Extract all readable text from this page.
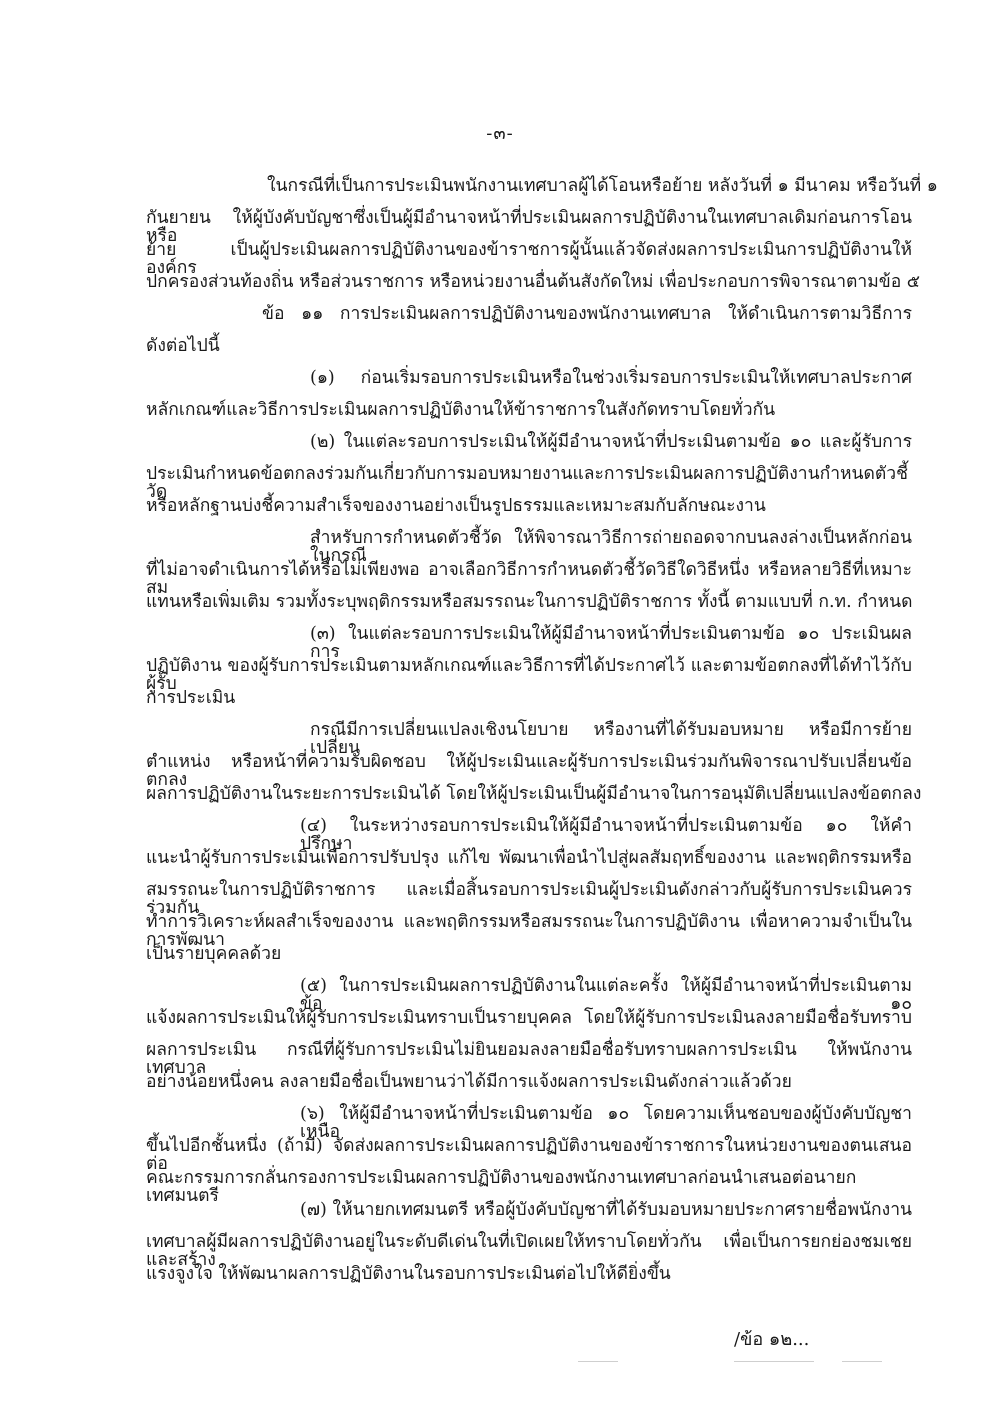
-๓-
ในกรณีที่เป็นการประเมินพนักงานเทศบาลผู้ได้โอนหรือย้าย หลังวันที่ ๑ มีนาคม หรือวันที่ ๑
กันยายน ให้ผู้บังคับบัญชาซึ่งเป็นผู้มีอำนาจหน้าที่ประเมินผลการปฏิบัติงานในเทศบาลเดิมก่อนการโอน หรือ
ย้าย เป็นผู้ประเมินผลการปฏิบัติงานของข้าราชการผู้นั้นแล้วจัดส่งผลการประเมินการปฏิบัติงานให้องค์กร
ปกครองส่วนท้องถิ่น หรือส่วนราชการ หรือหน่วยงานอื่นต้นสังกัดใหม่ เพื่อประกอบการพิจารณาตามข้อ ๕
ข้อ ๑๑ การประเมินผลการปฏิบัติงานของพนักงานเทศบาล ให้ดำเนินการตามวิธีการ
ดังต่อไปนี้
(๑) ก่อนเริ่มรอบการประเมินหรือในช่วงเริ่มรอบการประเมินให้เทศบาลประกาศ
หลักเกณฑ์และวิธีการประเมินผลการปฏิบัติงานให้ข้าราชการในสังกัดทราบโดยทั่วกัน
(๒) ในแต่ละรอบการประเมินให้ผู้มีอำนาจหน้าที่ประเมินตามข้อ ๑๐ และผู้รับการ
ประเมินกำหนดข้อตกลงร่วมกันเกี่ยวกับการมอบหมายงานและการประเมินผลการปฏิบัติงานกำหนดตัวชี้วัด
หรือหลักฐานบ่งชี้ความสำเร็จของงานอย่างเป็นรูปธรรมและเหมาะสมกับลักษณะงาน
สำหรับการกำหนดตัวชี้วัด ให้พิจารณาวิธีการถ่ายถอดจากบนลงล่างเป็นหลักก่อน ในกรณี
ที่ไม่อาจดำเนินการได้หรือไม่เพียงพอ อาจเลือกวิธีการกำหนดตัวชี้วัดวิธีใดวิธีหนึ่ง หรือหลายวิธีที่เหมาะสม
แทนหรือเพิ่มเติม รวมทั้งระบุพฤติกรรมหรือสมรรถนะในการปฏิบัติราชการ ทั้งนี้ ตามแบบที่ ก.ท. กำหนด
(๓) ในแต่ละรอบการประเมินให้ผู้มีอำนาจหน้าที่ประเมินตามข้อ ๑๐ ประเมินผลการ
ปฏิบัติงาน ของผู้รับการประเมินตามหลักเกณฑ์และวิธีการที่ได้ประกาศไว้ และตามข้อตกลงที่ได้ทำไว้กับผู้รับ
การประเมิน
กรณีมีการเปลี่ยนแปลงเชิงนโยบาย หรืองานที่ได้รับมอบหมาย หรือมีการย้ายเปลี่ยน
ตำแหน่ง หรือหน้าที่ความรับผิดชอบ ให้ผู้ประเมินและผู้รับการประเมินร่วมกันพิจารณาปรับเปลี่ยนข้อตกลง
ผลการปฏิบัติงานในระยะการประเมินได้ โดยให้ผู้ประเมินเป็นผู้มีอำนาจในการอนุมัติเปลี่ยนแปลงข้อตกลง
(๔) ในระหว่างรอบการประเมินให้ผู้มีอำนาจหน้าที่ประเมินตามข้อ ๑๐ ให้คำปรึกษา
แนะนำผู้รับการประเมินเพื่อการปรับปรุง แก้ไข พัฒนาเพื่อนำไปสู่ผลสัมฤทธิ์ของงาน และพฤติกรรมหรือ
สมรรถนะในการปฏิบัติราชการ และเมื่อสิ้นรอบการประเมินผู้ประเมินดังกล่าวกับผู้รับการประเมินควรร่วมกัน
ทำการวิเคราะห์ผลสำเร็จของงาน และพฤติกรรมหรือสมรรถนะในการปฏิบัติงาน เพื่อหาความจำเป็นในการพัฒนา
เป็นรายบุคคลด้วย
(๕) ในการประเมินผลการปฏิบัติงานในแต่ละครั้ง ให้ผู้มีอำนาจหน้าที่ประเมินตามข้อ ๑๐
แจ้งผลการประเมินให้ผู้รับการประเมินทราบเป็นรายบุคคล โดยให้ผู้รับการประเมินลงลายมือชื่อรับทราบ
ผลการประเมิน กรณีที่ผู้รับการประเมินไม่ยินยอมลงลายมือชื่อรับทราบผลการประเมิน ให้พนักงานเทศบาล
อย่างน้อยหนึ่งคน ลงลายมือชื่อเป็นพยานว่าได้มีการแจ้งผลการประเมินดังกล่าวแล้วด้วย
(๖) ให้ผู้มีอำนาจหน้าที่ประเมินตามข้อ ๑๐ โดยความเห็นชอบของผู้บังคับบัญชาเหนือ
ขึ้นไปอีกชั้นหนึ่ง (ถ้ามี) จัดส่งผลการประเมินผลการปฏิบัติงานของข้าราชการในหน่วยงานของตนเสนอต่อ
คณะกรรมการกลั่นกรองการประเมินผลการปฏิบัติงานของพนักงานเทศบาลก่อนนำเสนอต่อนายกเทศมนตรี
(๗) ให้นายกเทศมนตรี หรือผู้บังคับบัญชาที่ได้รับมอบหมายประกาศรายชื่อพนักงาน
เทศบาลผู้มีผลการปฏิบัติงานอยู่ในระดับดีเด่นในที่เปิดเผยให้ทราบโดยทั่วกัน เพื่อเป็นการยกย่องชมเชยและสร้าง
แรงจูงใจ ให้พัฒนาผลการปฏิบัติงานในรอบการประเมินต่อไปให้ดียิ่งขึ้น
/ข้อ ๑๒...
